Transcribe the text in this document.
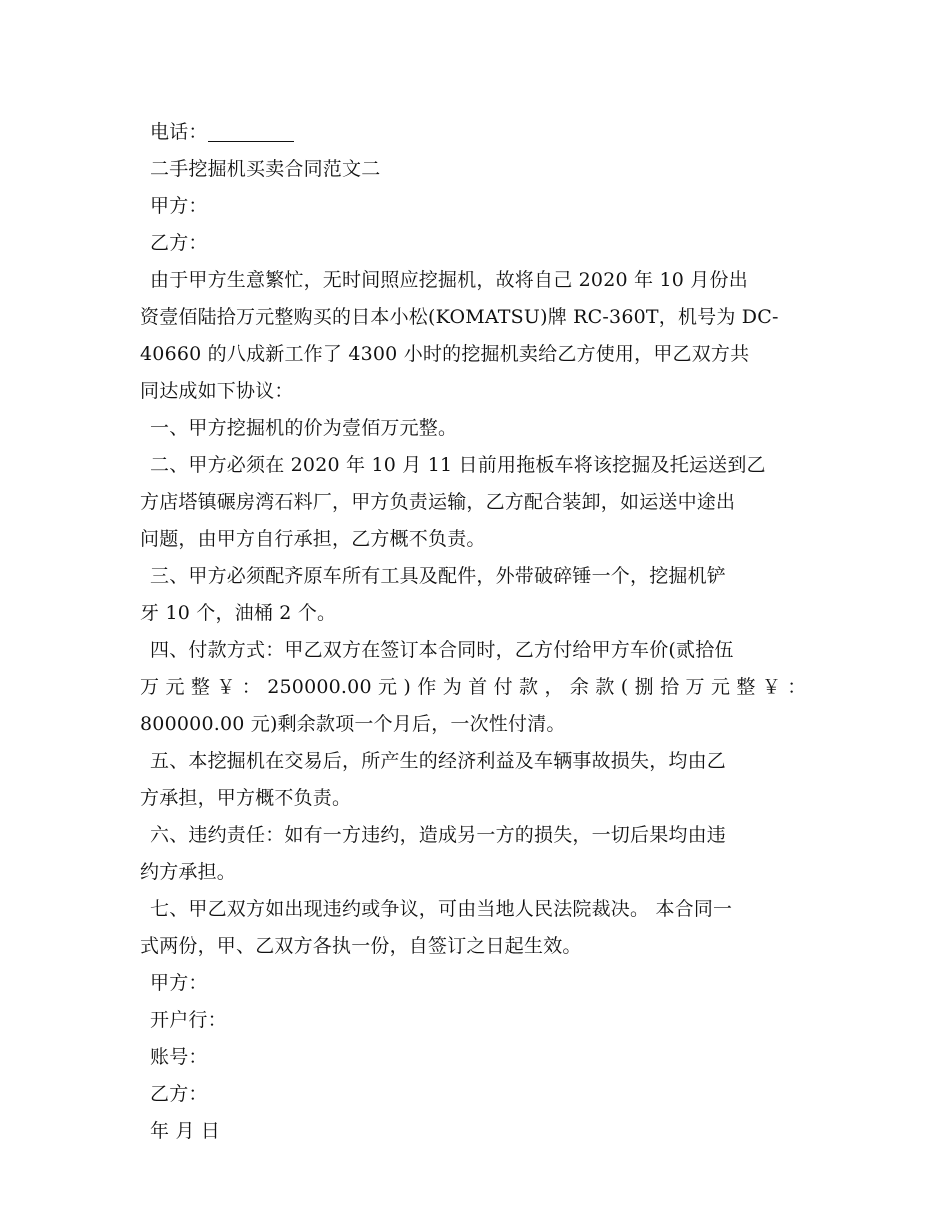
电话：
二手挖掘机买卖合同范文二
甲方：
乙方：
由于甲方生意繁忙，无时间照应挖掘机，故将自己 2020 年 10 月份出
资壹佰陆拾万元整购买的日本小松(KOMATSU)牌 RC-360T，机号为 DC-
40660 的八成新工作了 4300 小时的挖掘机卖给乙方使用，甲乙双方共
同达成如下协议：
一、甲方挖掘机的价为壹佰万元整。
二、甲方必须在 2020 年 10 月 11 日前用拖板车将该挖掘及托运送到乙
方店塔镇碾房湾石料厂，甲方负责运输，乙方配合装卸，如运送中途出
问题，由甲方自行承担，乙方概不负责。
三、甲方必须配齐原车所有工具及配件，外带破碎锤一个，挖掘机铲
牙 10 个，油桶 2 个。
四、付款方式：甲乙双方在签订本合同时，乙方付给甲方车价(贰拾伍
万 元 整 ￥ ： 250000.00 元 ) 作 为 首 付 款 ， 余 款 ( 捌 拾 万 元 整 ￥ ：
800000.00 元)剩余款项一个月后，一次性付清。
五、本挖掘机在交易后，所产生的经济利益及车辆事故损失，均由乙
方承担，甲方概不负责。
六、违约责任：如有一方违约，造成另一方的损失，一切后果均由违
约方承担。
七、甲乙双方如出现违约或争议，可由当地人民法院裁决。 本合同一
式两份，甲、乙双方各执一份，自签订之日起生效。
甲方：
开户行：
账号：
乙方：
年 月 日
